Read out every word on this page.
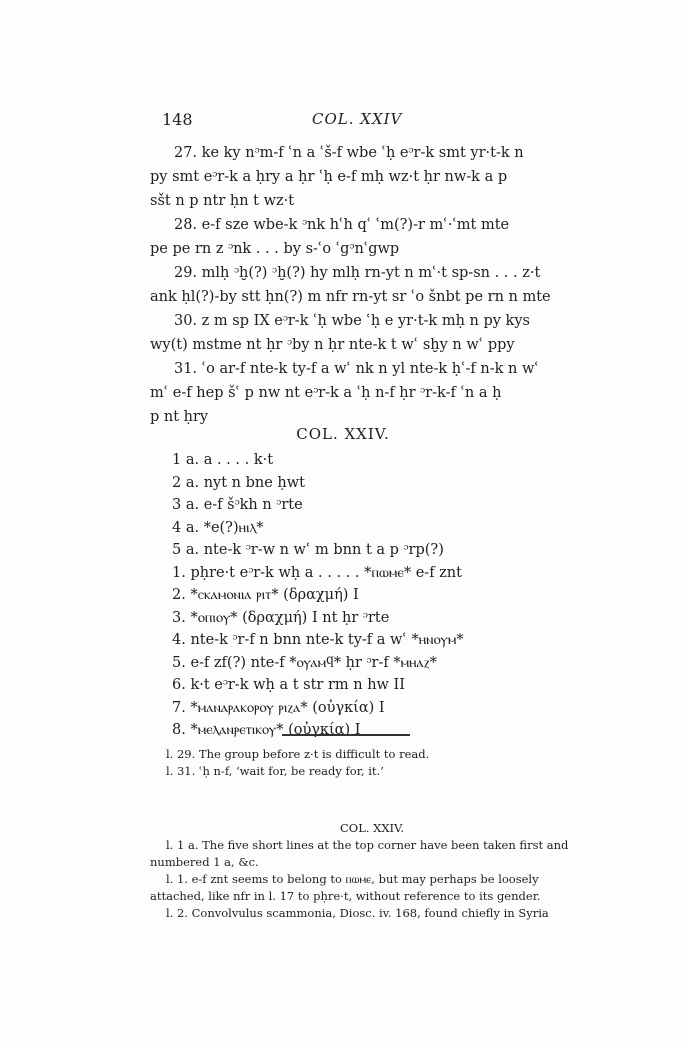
148	COL. XXIV
27. ke ky nᵓm-f ʿn a ʿš-f wbe ʿḥ eᵓr-k smt yr·t-k n
py smt eᵓr-k a ḥry a ḥr ʿḥ e-f mḥ wz·t ḥr nw-k a p
sšt n p ntr ḥn t wz·t
28. e-f sze wbe-k ᵓnk hʿh qʿ ʿm(?)-r mʿ·ʿmt mte
pe pe rn z ᵓnk . . . by s-ʿo ʿgᵓnʿgwp
29. mlḥ ᵓḫ(?) ᵓḫ(?) hy mlḥ rn-yt n mʿ·t sp-sn . . . z·t
ank ḥl(?)-by stt ḥn(?) m nfr rn-yt sr ʿo šnbt pe rn n mte
30. z m sp IX eᵓr-k ʿḥ wbe ʿḥ e yr·t-k mḥ n py kys
wy(t) mstme nt ḥr ᵓby n ḥr nte-k t wʿ sḫy n wʿ ppy
31. ʿo ar-f nte-k ty-f a wʿ nk n yl nte-k ḥʿ-f n-k n wʿ
mʿ e-f hep šʿ p nw nt eᵓr-k a ʿḥ n-f ḥr ᵓr-k-f ʿn a ḥ
p nt ḥry
COL. XXIV.
1 a. a . . . . k·t
2 a. nyt n bne ḥwt
3 a. e-f šᵓkh n ᵓrte
4 a. *e(?)ⲏⲓⲗ*
5 a. nte-k ᵓr-w n wʿ m bnn t a p ᵓrp(?)
1. pḥre·t eᵓr-k wḥ a . . . . . *ⲡⲱⲙⲉ* e-f znt
2. *ⲥⲕⲁⲙⲟⲛⲓⲁ ⲣⲓⲧ* (δραχμή) I
3. *ⲟⲡⲓⲟⲩ* (δραχμή) I nt ḥr ᵓrte
4. nte-k ᵓr-f n bnn nte-k ty-f a wʿ *ⲏⲛⲟⲩⲙ*
5. e-f zf(?) nte-f *ⲟⲩⲁⲙϥ* ḥr ᵓr-f *ⲙⲏⲁⲍ*
6. k·t eᵓr-k wḥ a t str rm n hw II
7. *ⲙⲁⲛⲁⲣⲁⲕⲟⲣⲟⲩ ⲣⲓⲍⲁ* (οὐγκία) I
8. *ⲙⲉⲗⲁⲛⲣⲉⲧⲓⲕⲟⲩ* (οὐγκία) I
l. 29. The group before z·t is difficult to read.
l. 31. ʿḥ n-f, ‘wait for, be ready for, it.’
COL. XXIV.
l. 1 a. The five short lines at the top corner have been taken first and
numbered 1 a, &c.
l. 1. e-f znt seems to belong to ⲡⲱⲙⲉ, but may perhaps be loosely
attached, like nfr in l. 17 to pḥre·t, without reference to its gender.
l. 2. Convolvulus scammonia, Diosc. iv. 168, found chiefly in Syria
